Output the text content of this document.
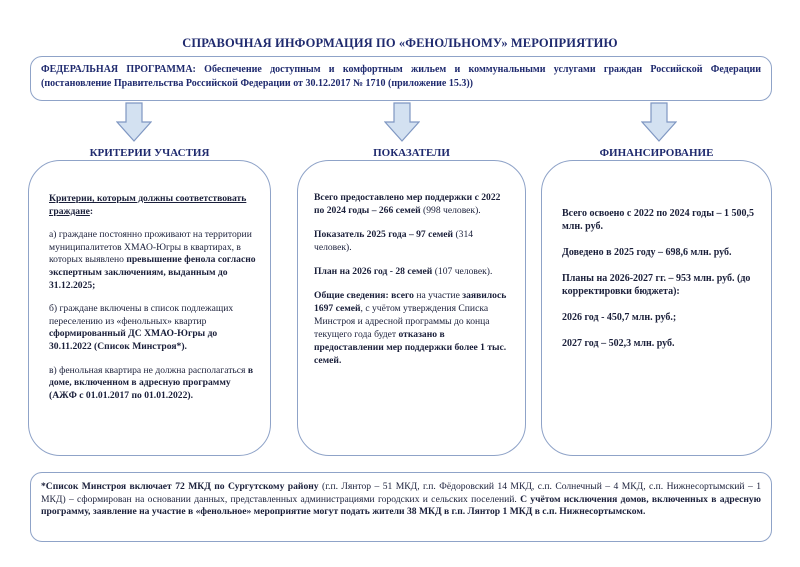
СПРАВОЧНАЯ ИНФОРМАЦИЯ ПО «ФЕНОЛЬНОМУ» МЕРОПРИЯТИЮ
ФЕДЕРАЛЬНАЯ ПРОГРАММА: Обеспечение доступным и комфортным жильем и коммунальными услугами граждан Российской Федерации (постановление Правительства Российской Федерации от 30.12.2017 № 1710 (приложение 15.3))
КРИТЕРИИ УЧАСТИЯ	ПОКАЗАТЕЛИ	ФИНАНСИРОВАНИЕ
Критерии, которым должны соответствовать граждане:
а) граждане постоянно проживают на территории муниципалитетов ХМАО-Югры в квартирах, в которых выявлено превышение фенола согласно экспертным заключениям, выданным до 31.12.2025;
б) граждане включены в список подлежащих переселению из «фенольных» квартир сформированный ДС ХМАО-Югры до 30.11.2022 (Список Минстроя*).
в) фенольная квартира не должна располагаться в доме, включенном в адресную программу (АЖФ с 01.01.2017 по 01.01.2022).
Всего предоставлено мер поддержки с 2022 по 2024 годы – 266 семей (998 человек).
Показатель 2025 года – 97 семей (314 человек).
План на 2026 год - 28 семей (107 человек).
Общие сведения: всего на участие заявилось 1697 семей, с учётом утверждения Списка Минстроя и адресной программы до конца текущего года будет отказано в предоставлении мер поддержки более 1 тыс. семей.
Всего освоено с 2022 по 2024 годы – 1 500,5 млн. руб.
Доведено в 2025 году – 698,6 млн. руб.
Планы на 2026-2027 гг. – 953 млн. руб. (до корректировки бюджета):
2026 год - 450,7 млн. руб.;
2027 год – 502,3 млн. руб.
*Список Минстроя включает 72 МКД по Сургутскому району (г.п. Лянтор – 51 МКД, г.п. Фёдоровский 14 МКД, с.п. Солнечный – 4 МКД, с.п. Нижнесортымский – 1 МКД) – сформирован на основании данных, представленных администрациями городских и сельских поселений. С учётом исключения домов, включенных в адресную программу, заявление на участие в «фенольное» мероприятие могут подать жители 38 МКД в г.п. Лянтор 1 МКД в с.п. Нижнесортымском.
